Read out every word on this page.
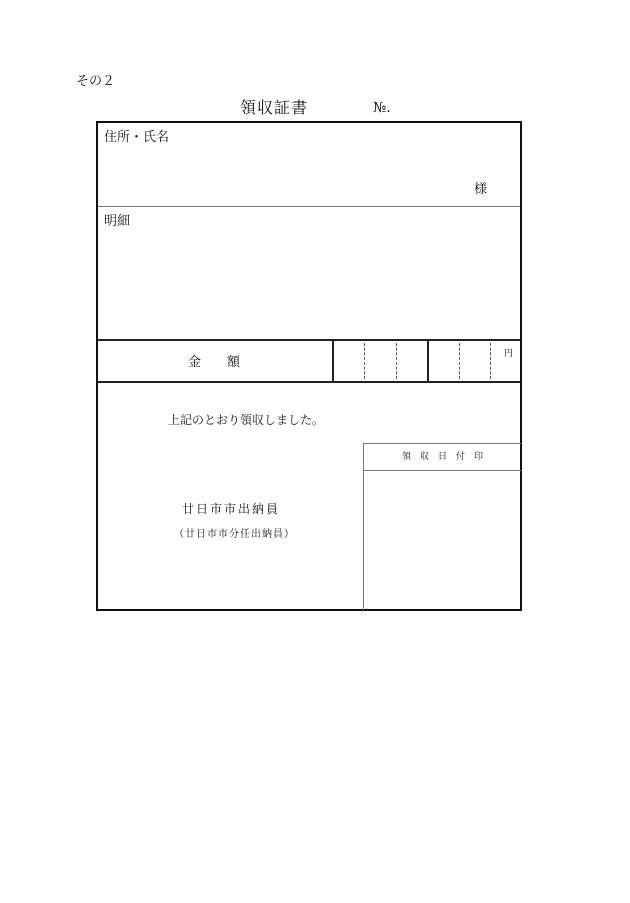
その２
領収証書	№.
住所・氏名
様
明細
金　　額
円
上記のとおり領収しました。
廿日市市出納員
（廿日市市分任出納員）
領　収　日　付　印
